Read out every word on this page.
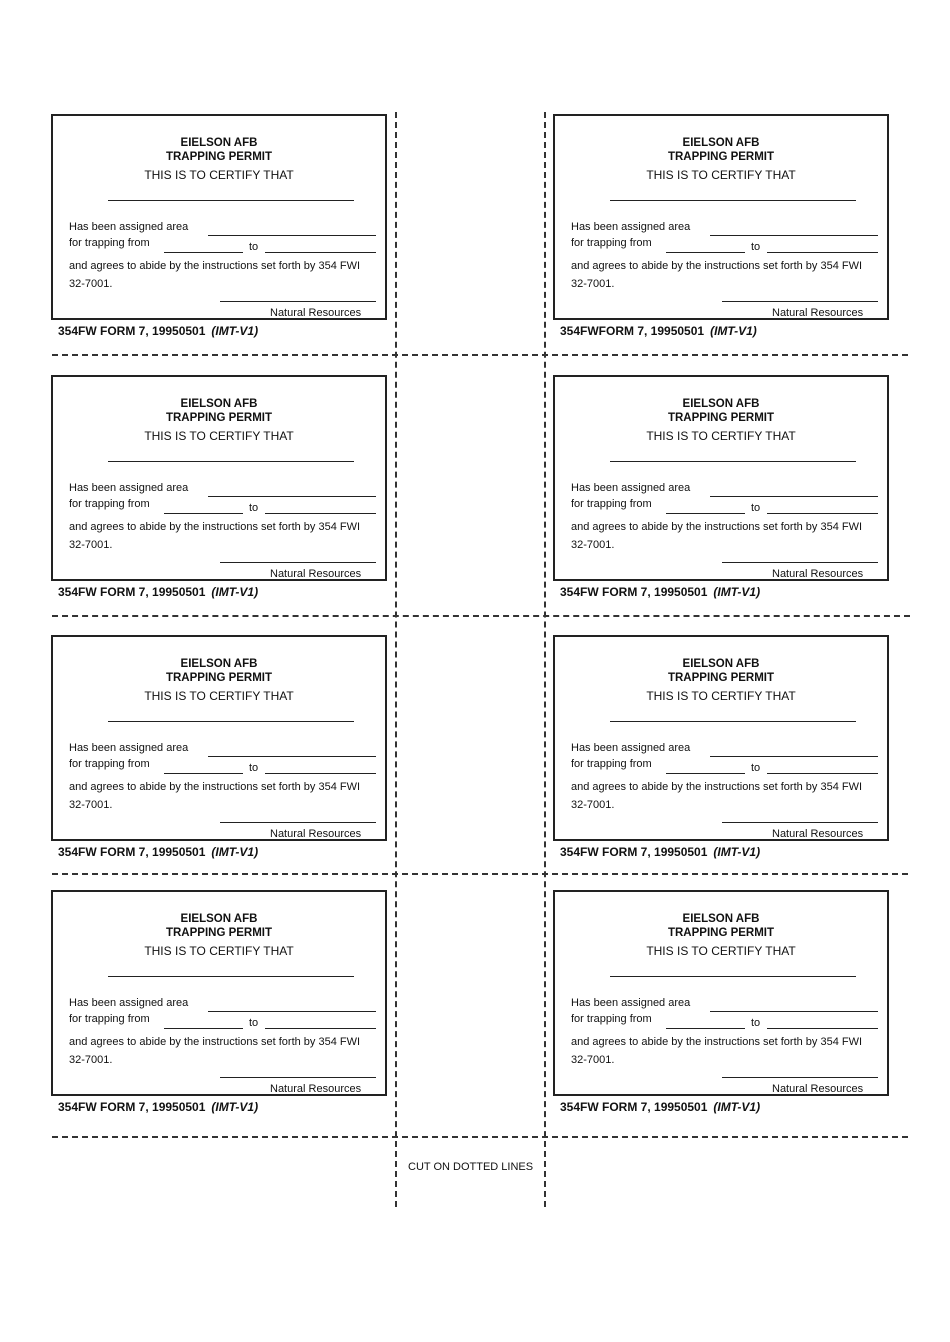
CUT ON DOTTED LINES
EIELSON AFB
TRAPPING PERMIT
THIS IS TO CERTIFY THAT
Has been assigned area
for trapping from	to
and agrees to abide by the instructions set forth by 354 FWI
32-7001.
Natural Resources
354FW FORM 7, 19950501 (IMT-V1)
EIELSON AFB
TRAPPING PERMIT
THIS IS TO CERTIFY THAT
Has been assigned area
for trapping from	to
and agrees to abide by the instructions set forth by 354 FWI
32-7001.
Natural Resources
354FWFORM 7, 19950501 (IMT-V1)
EIELSON AFB
TRAPPING PERMIT
THIS IS TO CERTIFY THAT
Has been assigned area
for trapping from	to
and agrees to abide by the instructions set forth by 354 FWI
32-7001.
Natural Resources
354FW FORM 7, 19950501 (IMT-V1)
EIELSON AFB
TRAPPING PERMIT
THIS IS TO CERTIFY THAT
Has been assigned area
for trapping from	to
and agrees to abide by the instructions set forth by 354 FWI
32-7001.
Natural Resources
354FW FORM 7, 19950501 (IMT-V1)
EIELSON AFB
TRAPPING PERMIT
THIS IS TO CERTIFY THAT
Has been assigned area
for trapping from	to
and agrees to abide by the instructions set forth by 354 FWI
32-7001.
Natural Resources
354FW FORM 7, 19950501 (IMT-V1)
EIELSON AFB
TRAPPING PERMIT
THIS IS TO CERTIFY THAT
Has been assigned area
for trapping from	to
and agrees to abide by the instructions set forth by 354 FWI
32-7001.
Natural Resources
354FW FORM 7, 19950501 (IMT-V1)
EIELSON AFB
TRAPPING PERMIT
THIS IS TO CERTIFY THAT
Has been assigned area
for trapping from	to
and agrees to abide by the instructions set forth by 354 FWI
32-7001.
Natural Resources
354FW FORM 7, 19950501 (IMT-V1)
EIELSON AFB
TRAPPING PERMIT
THIS IS TO CERTIFY THAT
Has been assigned area
for trapping from	to
and agrees to abide by the instructions set forth by 354 FWI
32-7001.
Natural Resources
354FW FORM 7, 19950501 (IMT-V1)
